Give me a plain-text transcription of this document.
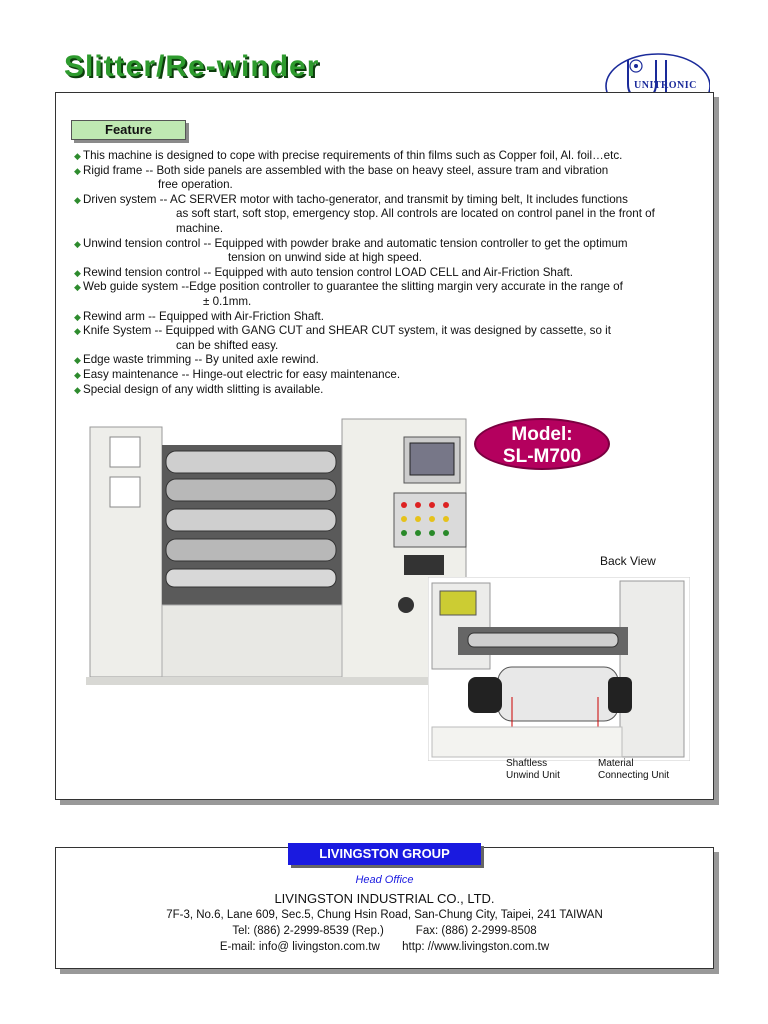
Slitter/Re-winder
UNITRONIC
Feature
◆ This machine is designed to cope with precise requirements of thin films such as Copper foil, Al. foil…etc.
◆ Rigid frame -- Both side panels are assembled with the base on heavy steel, assure tram and vibration
free operation.
◆ Driven system -- AC SERVER motor with tacho-generator, and transmit by timing belt, It includes functions
as soft start, soft stop, emergency stop. All controls are located on control panel in the front of machine.
◆ Unwind tension control -- Equipped with powder brake and automatic tension controller to get the optimum
tension on unwind side at high speed.
◆ Rewind tension control -- Equipped with auto tension control LOAD CELL and Air-Friction Shaft.
◆ Web guide system --Edge position controller to guarantee the slitting margin very accurate in the range of
± 0.1mm.
◆ Rewind arm -- Equipped with Air-Friction Shaft.
◆ Knife System -- Equipped with GANG CUT and SHEAR CUT system, it was designed by cassette, so it
can be shifted easy.
◆ Edge waste trimming -- By united axle rewind.
◆ Easy maintenance -- Hinge-out electric for easy maintenance.
◆ Special design of any width slitting is available.
Model:
SL-M700
Back View
Shaftless
Unwind Unit
Material
Connecting Unit
LIVINGSTON GROUP
Head Office
LIVINGSTON INDUSTRIAL CO., LTD.
7F-3, No.6, Lane 609, Sec.5, Chung Hsin Road, San-Chung City, Taipei, 241 TAIWAN
Tel: (886) 2-2999-8539 (Rep.)          Fax: (886) 2-2999-8508
E-mail: info@ livingston.com.tw       http: //www.livingston.com.tw
